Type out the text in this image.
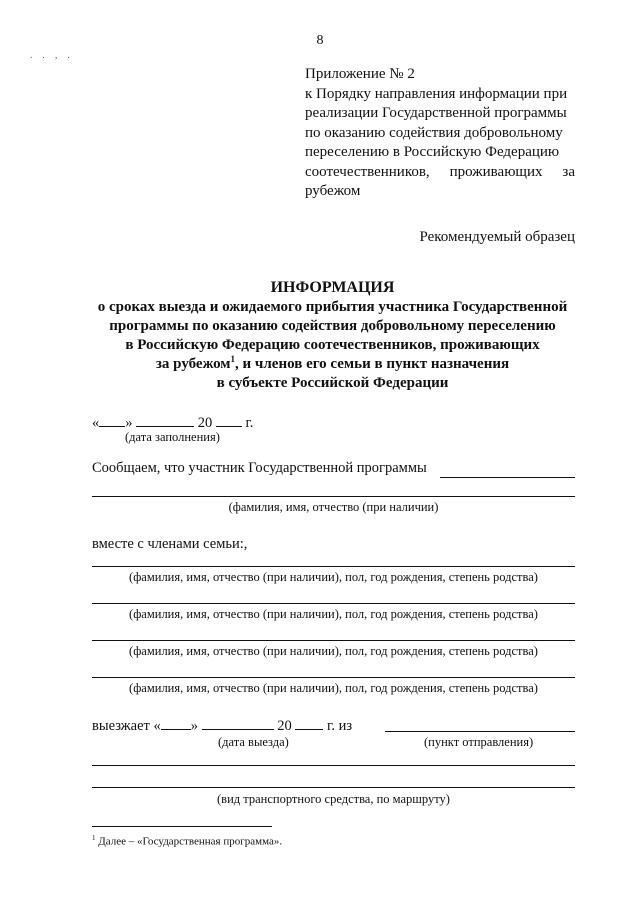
8
. . , .
Приложение № 2
к Порядку направления информации при
реализации Государственной программы
по оказанию содействия добровольному
переселению в Российскую Федерацию
соотечественников, проживающих за
рубежом
Рекомендуемый образец
ИНФОРМАЦИЯ
о сроках выезда и ожидаемого прибытия участника Государственной
программы по оказанию содействия добровольному переселению
в Российскую Федерацию соотечественников, проживающих
за рубежом$^1$, и членов его семьи в пункт назначения
в субъекте Российской Федерации
« »	20 г.
(дата заполнения)
Сообщаем, что участник Государственной программы
(фамилия, имя, отчество (при наличии)
вместе с членами семьи:,
(фамилия, имя, отчество (при наличии), пол, год рождения, степень родства)
(фамилия, имя, отчество (при наличии), пол, год рождения, степень родства)
(фамилия, имя, отчество (при наличии), пол, год рождения, степень родства)
(фамилия, имя, отчество (при наличии), пол, год рождения, степень родства)
выезжает « »	20 г. из
(дата выезда)	(пункт отправления)
(вид транспортного средства, по маршруту)
$^1$ Далее – «Государственная программа».
